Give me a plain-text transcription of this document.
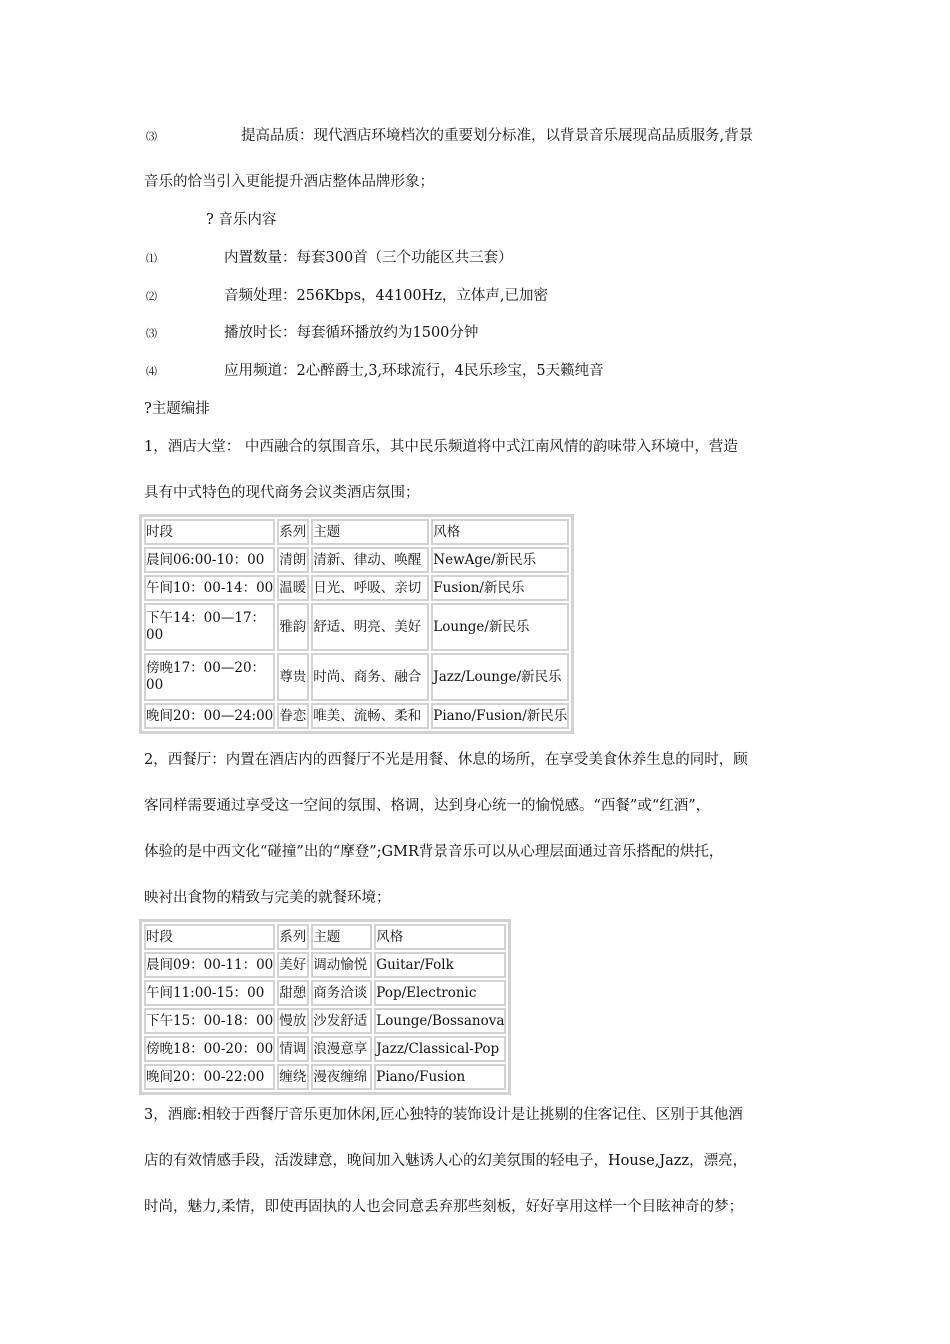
⑶	提高品质：现代酒店环境档次的重要划分标准，以背景音乐展现高品质服务,背景
音乐的恰当引入更能提升酒店整体品牌形象；
? 音乐内容
⑴	内置数量：每套300首（三个功能区共三套）
⑵	音频处理：256Kbps，44100Hz，立体声,已加密
⑶	播放时长：每套循环播放约为1500分钟
⑷	应用频道：2心醉爵士,3,环球流行，4民乐珍宝，5天籁纯音
?主题编排
1，酒店大堂： 中西融合的氛围音乐，其中民乐频道将中式江南风情的韵味带入环境中，营造
具有中式特色的现代商务会议类酒店氛围；
时段	系列	主题	风格
晨间06:00-10：00	清朗	清新、律动、唤醒	NewAge/新民乐
午间10：00-14：00	温暖	日光、呼吸、亲切	Fusion/新民乐
下午14：00—17：00	雅韵	舒适、明亮、美好	Lounge/新民乐
傍晚17：00—20：00	尊贵	时尚、商务、融合	Jazz/Lounge/新民乐
晚间20：00—24:00	眷恋	唯美、流畅、柔和	Piano/Fusion/新民乐
2，西餐厅：内置在酒店内的西餐厅不光是用餐、休息的场所，在享受美食休养生息的同时，顾
客同样需要通过享受这一空间的氛围、格调，达到身心统一的愉悦感。“西餐”或“红酒”，
体验的是中西文化“碰撞”出的“摩登”;GMR背景音乐可以从心理层面通过音乐搭配的烘托，
映衬出食物的精致与完美的就餐环境；
时段	系列	主题	风格
晨间09：00-11：00	美好	调动愉悦	Guitar/Folk
午间11:00-15：00	甜憩	商务洽谈	Pop/Electronic
下午15：00-18：00	慢放	沙发舒适	Lounge/Bossanova
傍晚18：00-20：00	情调	浪漫意享	Jazz/Classical-Pop
晚间20：00-22:00	缠绕	漫夜缠绵	Piano/Fusion
3，酒廊:相较于西餐厅音乐更加休闲,匠心独特的装饰设计是让挑剔的住客记住、区别于其他酒
店的有效情感手段，活泼肆意，晚间加入魅诱人心的幻美氛围的轻电子，House,Jazz，漂亮，
时尚，魅力,柔情，即使再固执的人也会同意丢弃那些刻板，好好享用这样一个目眩神奇的梦；
